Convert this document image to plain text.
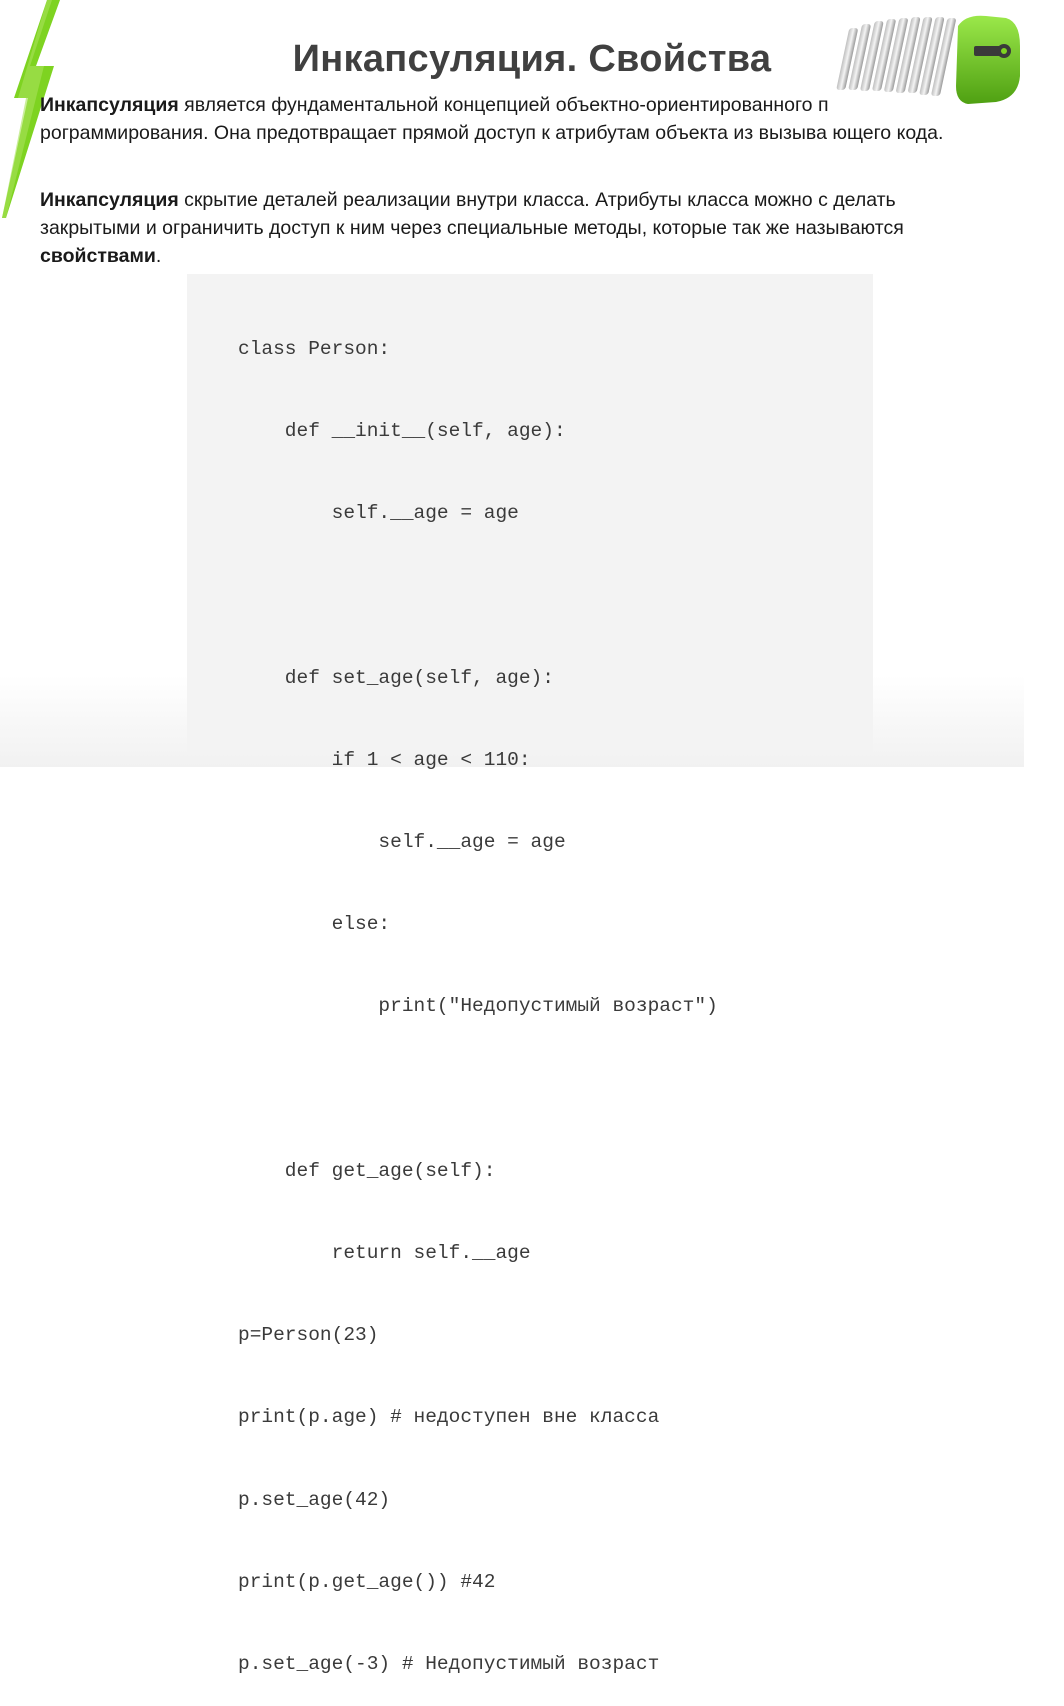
Инкапсуляция. Свойства

Инкапсуляция является фундаментальной концепцией объектно-ориентированного п рограммирования. Она предотвращает прямой доступ к атрибутам объекта из вызыва ющего кода.

Инкапсуляция скрытие деталей реализации внутри класса. Атрибуты класса можно с делать закрытыми и ограничить доступ к ним через специальные методы, которые так же называются свойствами.

class Person:

def __init__(self, age):

self.__age = age

def set_age(self, age):

if 1 < age < 110:

self.__age = age

else:

print("Недопустимый возраст")

def get_age(self):

return self.__age

p=Person(23)

print(p.age) # недоступен вне класса

p.set_age(42)

print(p.get_age()) #42

p.set_age(-3) # Недопустимый возраст
